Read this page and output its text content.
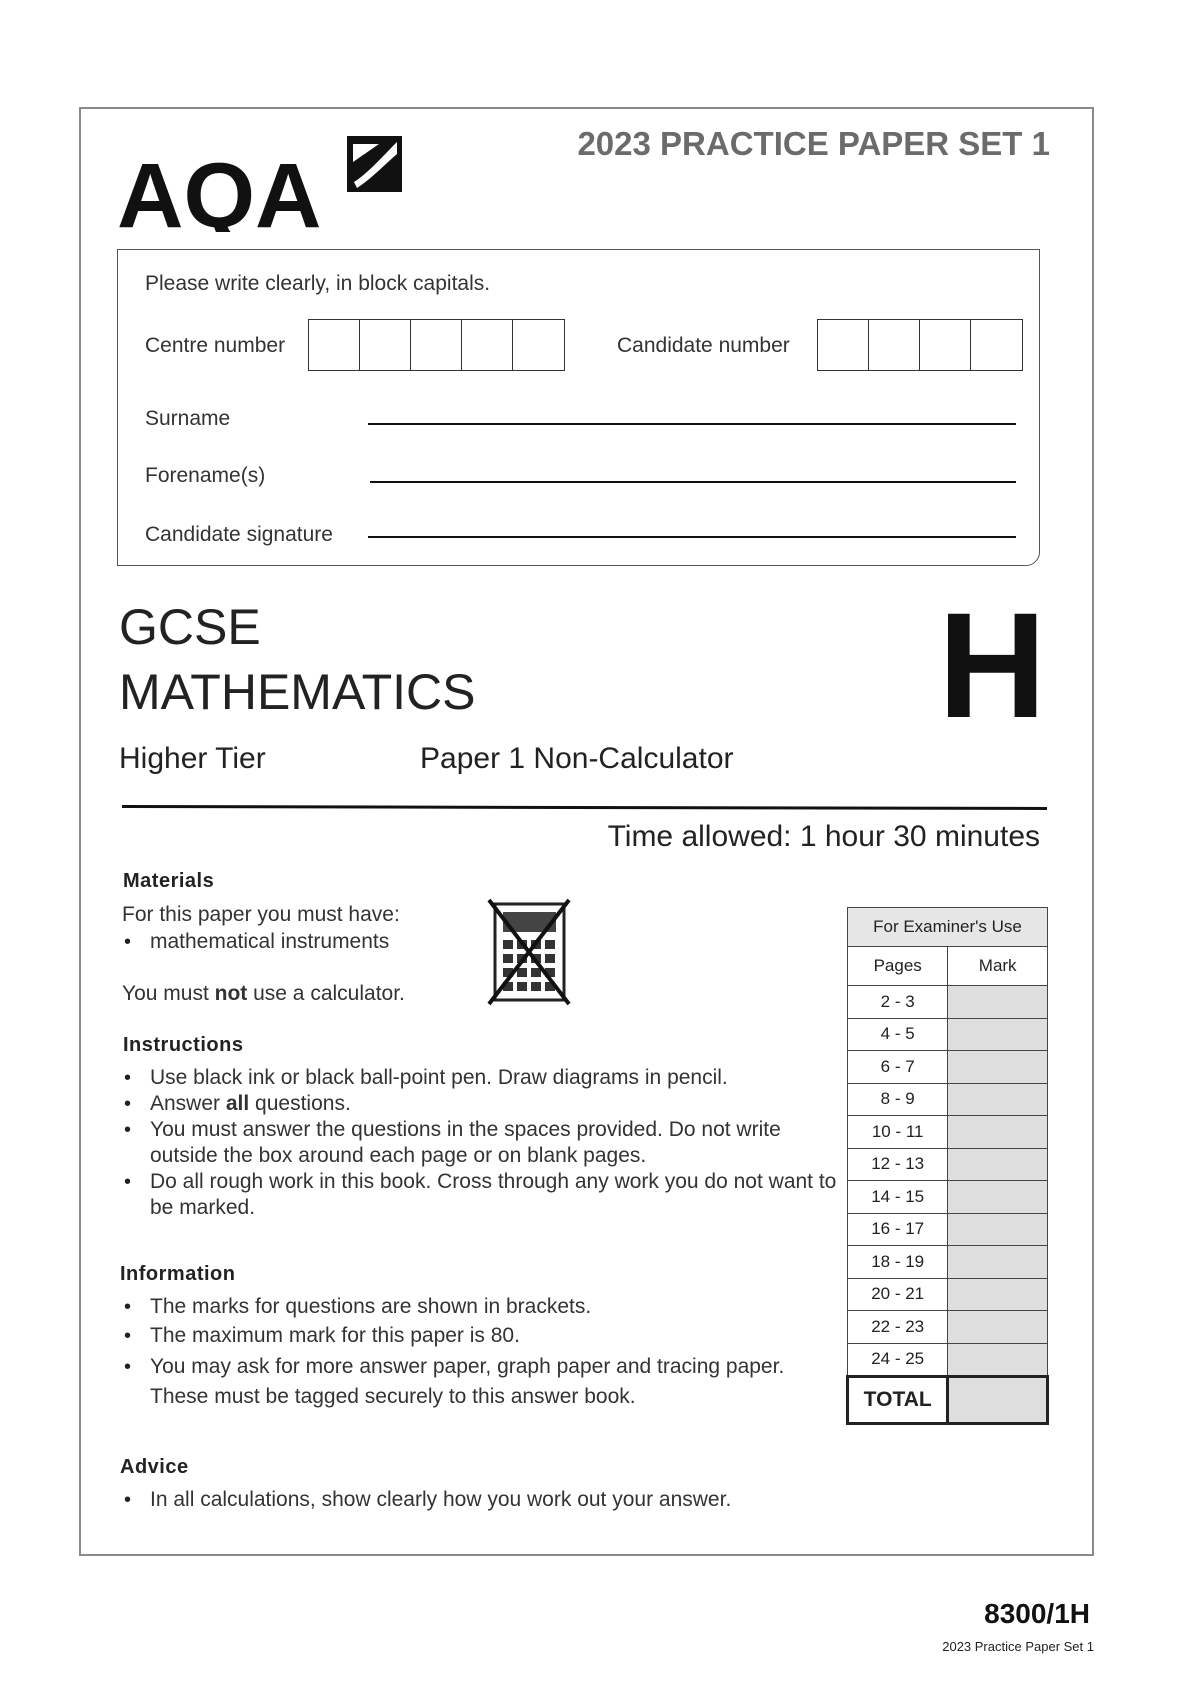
AQA
2023 PRACTICE PAPER SET 1
Please write clearly, in block capitals.
Centre number	Candidate number
Surname
Forename(s)
Candidate signature
GCSE
MATHEMATICS	H
Higher Tier	Paper 1 Non-Calculator
Time allowed: 1 hour 30 minutes
Materials
For this paper you must have:
• mathematical instruments
You must not use a calculator.
Instructions
• Use black ink or black ball-point pen. Draw diagrams in pencil.
• Answer all questions.
• You must answer the questions in the spaces provided. Do not write outside the box around each page or on blank pages.
• Do all rough work in this book. Cross through any work you do not want to be marked.
Information
• The marks for questions are shown in brackets.
• The maximum mark for this paper is 80.
• You may ask for more answer paper, graph paper and tracing paper. These must be tagged securely to this answer book.
Advice
• In all calculations, show clearly how you work out your answer.
For Examiner's Use	
Pages	Mark
2 - 3	
4 - 5	
6 - 7	
8 - 9	
10 - 11	
12 - 13	
14 - 15	
16 - 17	
18 - 19	
20 - 21	
22 - 23	
24 - 25	
TOTAL	
8300/1H
2023 Practice Paper Set 1
